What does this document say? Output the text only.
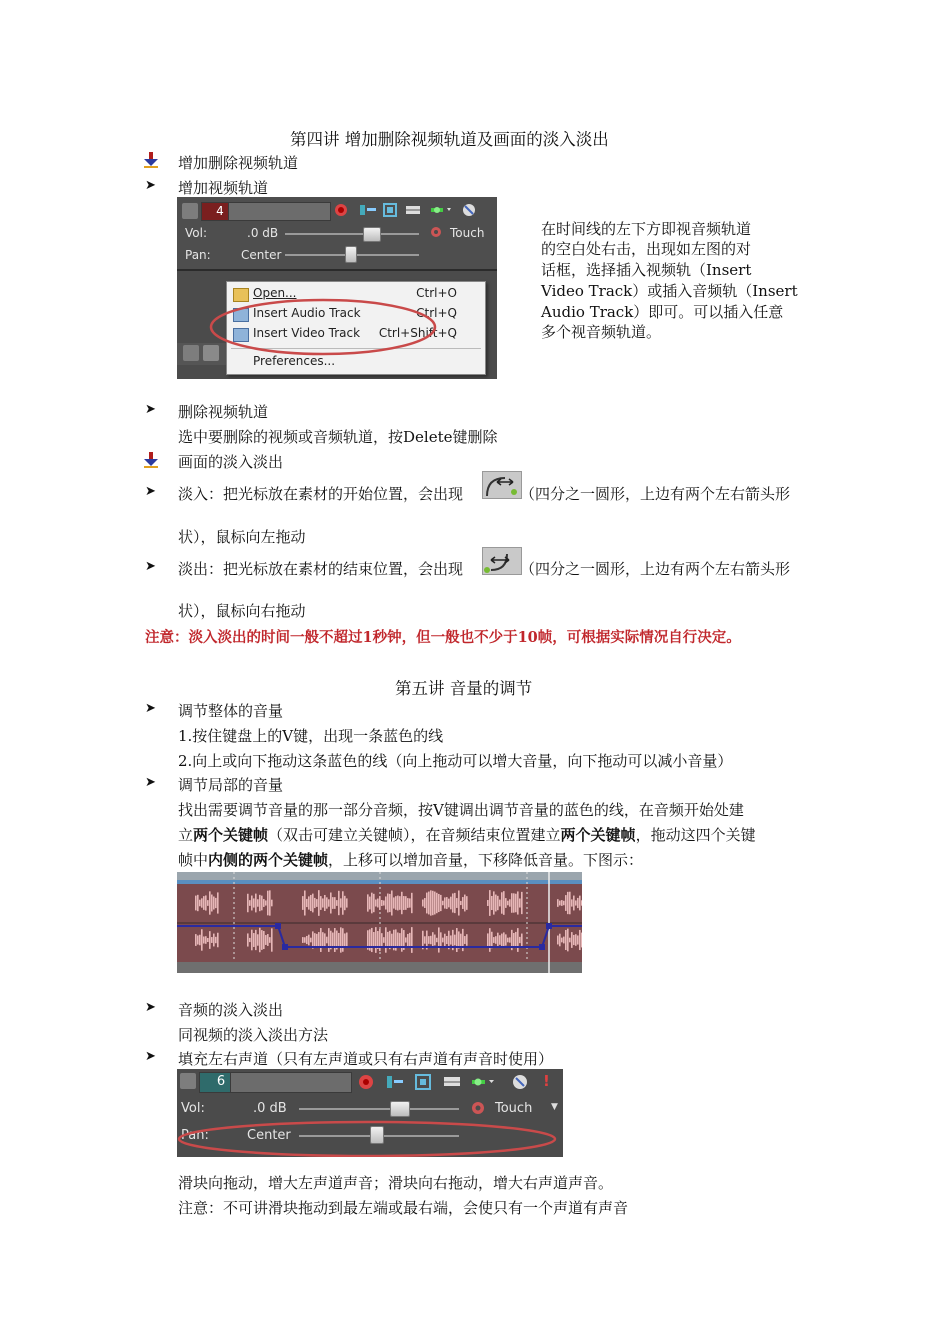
第四讲 增加删除视频轨道及画面的淡入淡出
增加删除视频轨道
➤ 增加视频轨道
4
Vol:	.0 dB	Touch
Pan:	Center
Open...	Ctrl+O
Insert Audio Track	Ctrl+Q
Insert Video Track Ctrl+Shift+Q
Preferences...
在时间线的左下方即视音频轨道
的空白处右击，出现如左图的对
话框，选择插入视频轨（Insert
Video Track）或插入音频轨（Insert
Audio Track）即可。可以插入任意
多个视音频轨道。
➤ 删除视频轨道
选中要删除的视频或音频轨道，按Delete键删除
画面的淡入淡出
➤ 淡入：把光标放在素材的开始位置，会出现	（四分之一圆形，上边有两个左右箭头形
状），鼠标向左拖动
➤ 淡出：把光标放在素材的结束位置，会出现	（四分之一圆形，上边有两个左右箭头形
状），鼠标向右拖动
注意：淡入淡出的时间一般不超过1秒钟，但一般也不少于10帧，可根据实际情况自行决定。
第五讲 音量的调节
➤ 调节整体的音量
1.按住键盘上的V键，出现一条蓝色的线
2.向上或向下拖动这条蓝色的线（向上拖动可以增大音量，向下拖动可以减小音量）
➤ 调节局部的音量
找出需要调节音量的那一部分音频，按V键调出调节音量的蓝色的线，在音频开始处建
立两个关键帧（双击可建立关键帧），在音频结束位置建立两个关键帧，拖动这四个关键
帧中内侧的两个关键帧，上移可以增加音量，下移降低音量。下图示：
➤ 音频的淡入淡出
同视频的淡入淡出方法
➤ 填充左右声道（只有左声道或只有右声道有声音时使用）
6	!
Vol:	.0 dB	Touch ▼
Pan:	Center
滑块向拖动，增大左声道声音；滑块向右拖动，增大右声道声音。
注意：不可讲滑块拖动到最左端或最右端，会使只有一个声道有声音
